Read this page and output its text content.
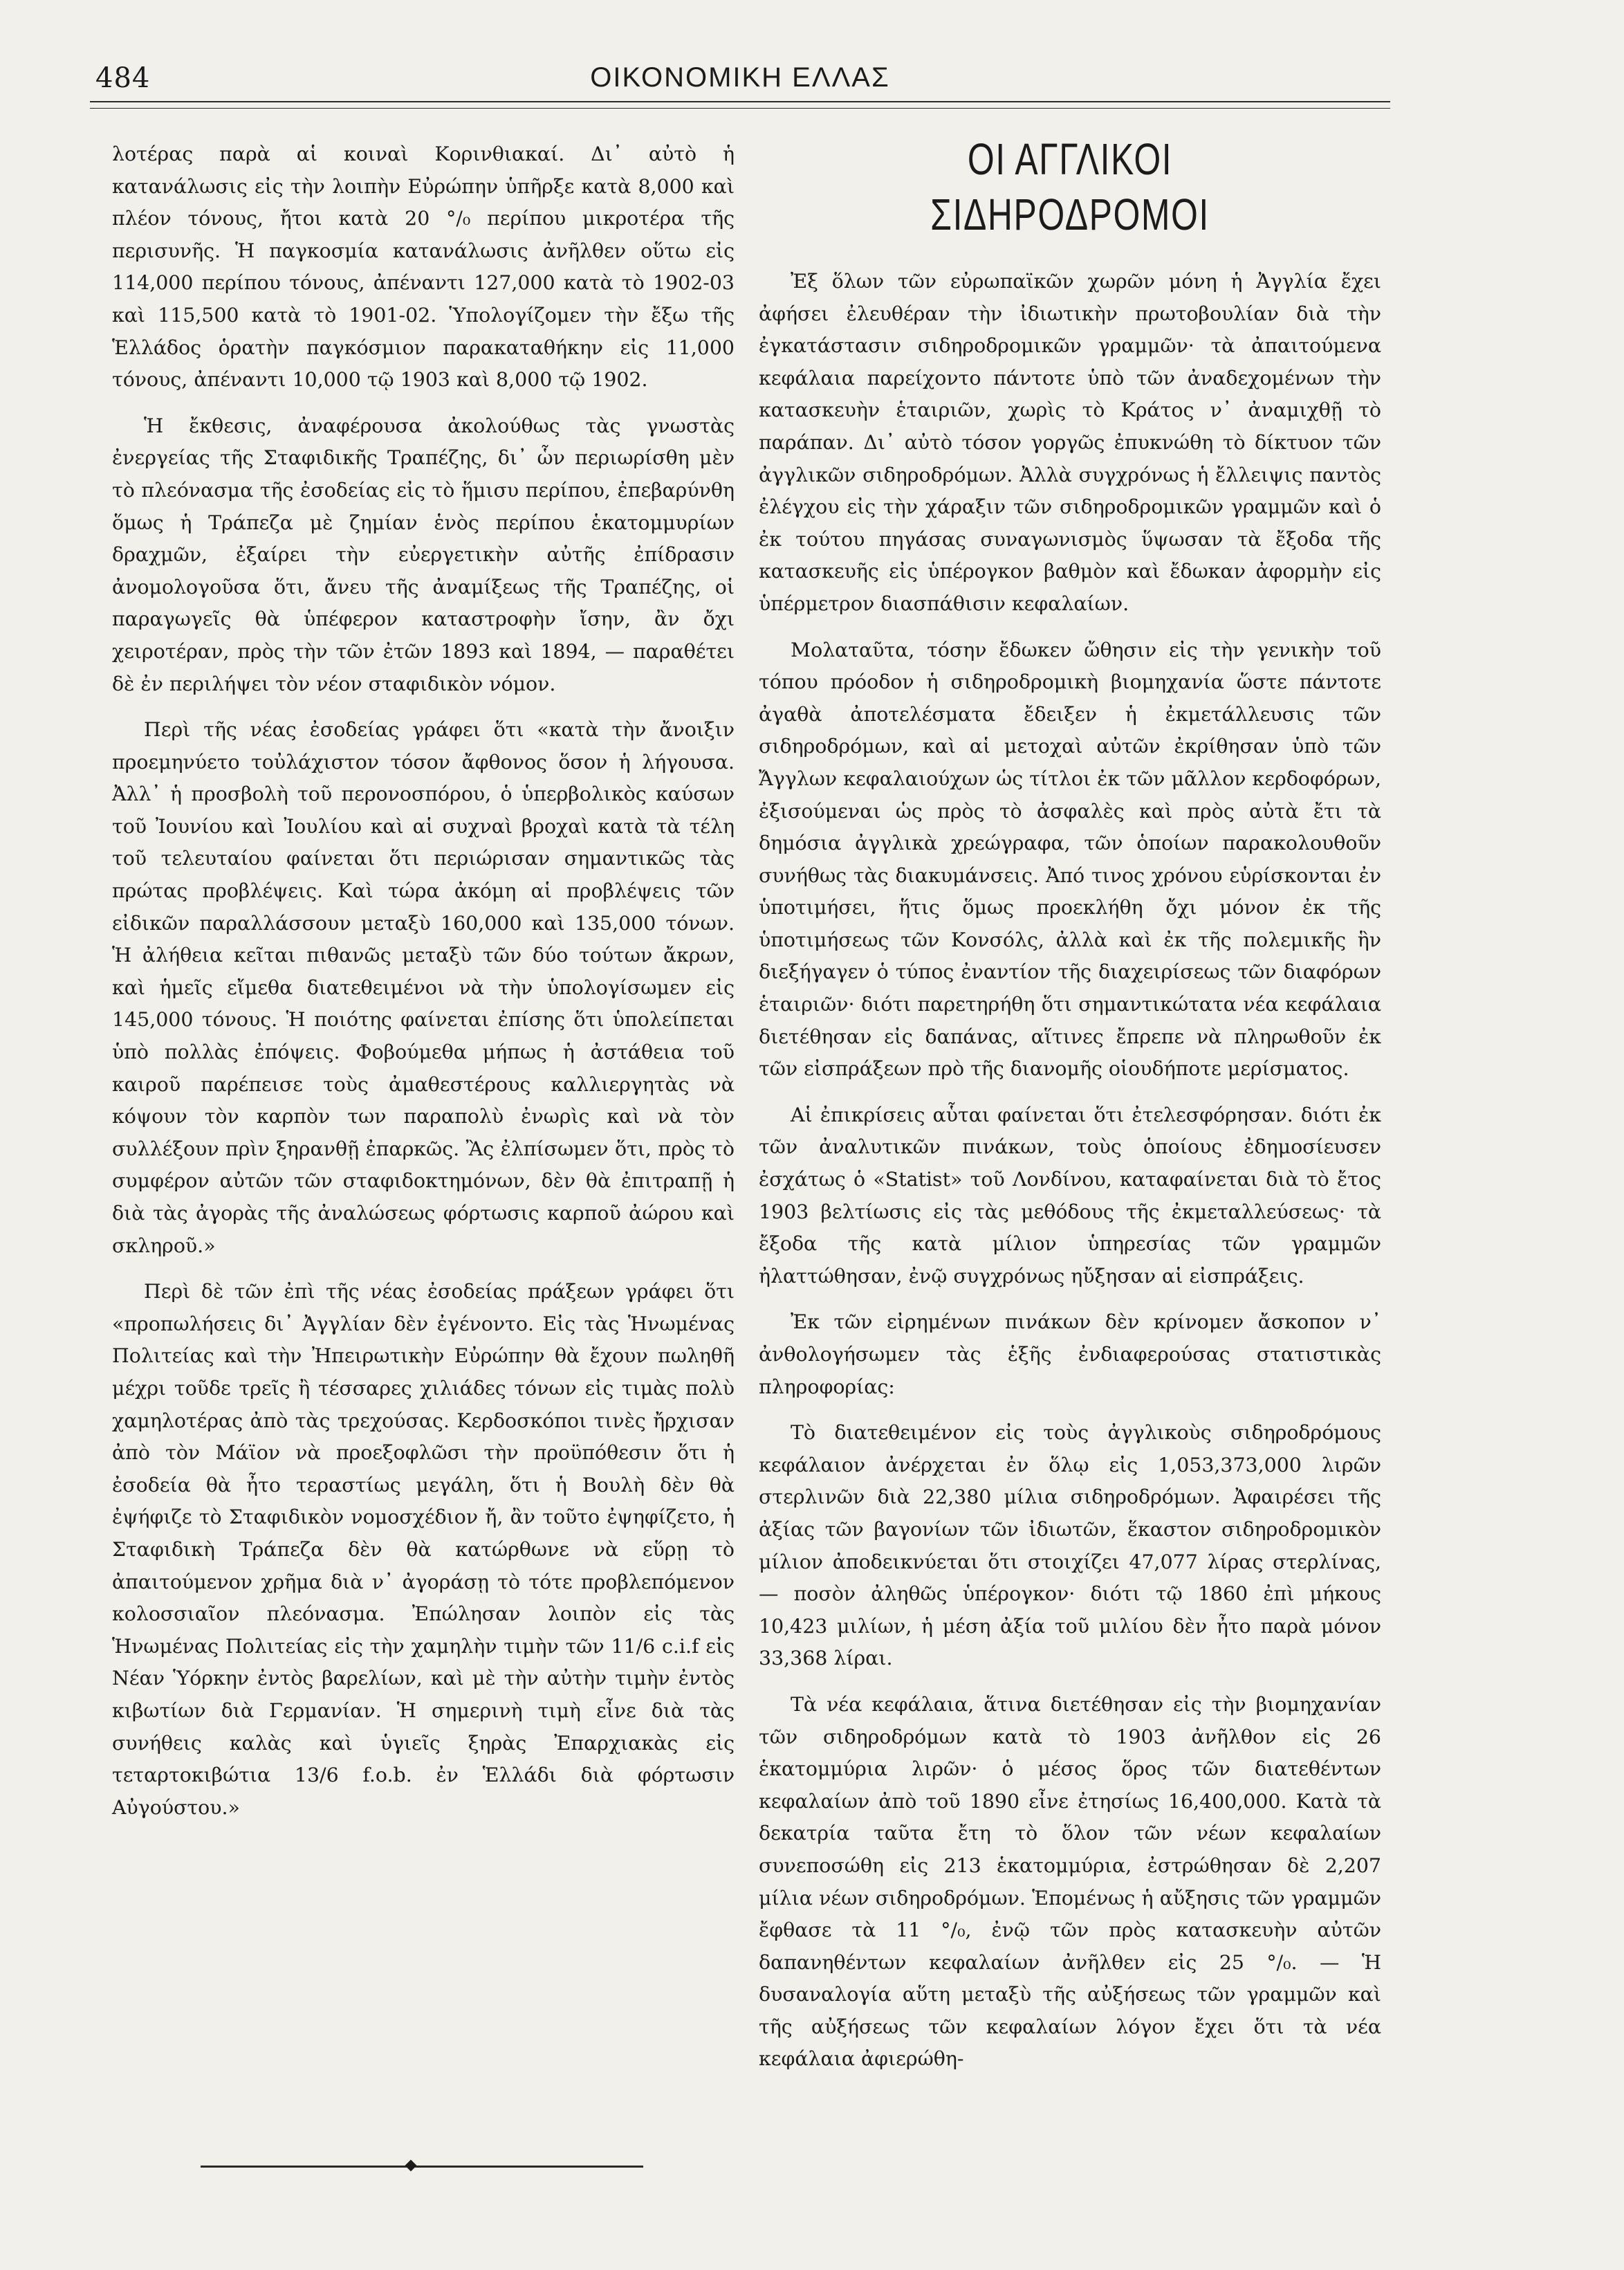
484	ΟΙΚΟΝΟΜΙΚΗ ΕΛΛΑΣ

λοτέρας παρὰ αἱ κοιναὶ Κορινθιακαί. Δι᾽ αὐτὸ ἡ κατανάλωσις εἰς τὴν λοιπὴν Εὐρώπην ὑπῆρξε κατὰ 8,000 καὶ πλέον τόνους, ἤτοι κατὰ 20 °/₀ περίπου μικροτέρα τῆς περισυνῆς. Ἡ παγκοσμία κατανάλωσις ἀνῆλθεν οὕτω εἰς 114,000 περίπου τόνους, ἀπέναντι 127,000 κατὰ τὸ 1902-03 καὶ 115,500 κατὰ τὸ 1901-02. Ὑπολογίζομεν τὴν ἔξω τῆς Ἑλλάδος ὁρατὴν παγκόσμιον παρακαταθήκην εἰς 11,000 τόνους, ἀπέναντι 10,000 τῷ 1903 καὶ 8,000 τῷ 1902.

Ἡ ἔκθεσις, ἀναφέρουσα ἀκολούθως τὰς γνωστὰς ἐνεργείας τῆς Σταφιδικῆς Τραπέζης, δι᾽ ὧν περιωρίσθη μὲν τὸ πλεόνασμα τῆς ἐσοδείας εἰς τὸ ἥμισυ περίπου, ἐπεβαρύνθη ὅμως ἡ Τράπεζα μὲ ζημίαν ἑνὸς περίπου ἑκατομμυρίων δραχμῶν, ἐξαίρει τὴν εὐεργετικὴν αὐτῆς ἐπίδρασιν ἀνομολογοῦσα ὅτι, ἄνευ τῆς ἀναμίξεως τῆς Τραπέζης, οἱ παραγωγεῖς θὰ ὑπέφερον καταστροφὴν ἴσην, ἂν ὄχι χειροτέραν, πρὸς τὴν τῶν ἐτῶν 1893 καὶ 1894, — παραθέτει δὲ ἐν περιλήψει τὸν νέον σταφιδικὸν νόμον.

Περὶ τῆς νέας ἐσοδείας γράφει ὅτι «κατὰ τὴν ἄνοιξιν προεμηνύετο τοὐλάχιστον τόσον ἄφθονος ὅσον ἡ λήγουσα. Ἀλλ᾽ ἡ προσβολὴ τοῦ περονοσπόρου, ὁ ὑπερβολικὸς καύσων τοῦ Ἰουνίου καὶ Ἰουλίου καὶ αἱ συχναὶ βροχαὶ κατὰ τὰ τέλη τοῦ τελευταίου φαίνεται ὅτι περιώρισαν σημαντικῶς τὰς πρώτας προβλέψεις. Καὶ τώρα ἀκόμη αἱ προβλέψεις τῶν εἰδικῶν παραλλάσσουν μεταξὺ 160,000 καὶ 135,000 τόνων. Ἡ ἀλήθεια κεῖται πιθανῶς μεταξὺ τῶν δύο τούτων ἄκρων, καὶ ἡμεῖς εἴμεθα διατεθειμένοι νὰ τὴν ὑπολογίσωμεν εἰς 145,000 τόνους. Ἡ ποιότης φαίνεται ἐπίσης ὅτι ὑπολείπεται ὑπὸ πολλὰς ἐπόψεις. Φοβούμεθα μήπως ἡ ἀστάθεια τοῦ καιροῦ παρέπεισε τοὺς ἀμαθεστέρους καλλιεργητὰς νὰ κόψουν τὸν καρπὸν των παραπολὺ ἐνωρὶς καὶ νὰ τὸν συλλέξουν πρὶν ξηρανθῇ ἐπαρκῶς. Ἂς ἐλπίσωμεν ὅτι, πρὸς τὸ συμφέρον αὐτῶν τῶν σταφιδοκτημόνων, δὲν θὰ ἐπιτραπῇ ἡ διὰ τὰς ἀγορὰς τῆς ἀναλώσεως φόρτωσις καρποῦ ἀώρου καὶ σκληροῦ.»

Περὶ δὲ τῶν ἐπὶ τῆς νέας ἐσοδείας πράξεων γράφει ὅτι «προπωλήσεις δι᾽ Ἀγγλίαν δὲν ἐγένοντο. Εἰς τὰς Ἡνωμένας Πολιτείας καὶ τὴν Ἠπειρωτικὴν Εὐρώπην θὰ ἔχουν πωληθῆ μέχρι τοῦδε τρεῖς ἢ τέσσαρες χιλιάδες τόνων εἰς τιμὰς πολὺ χαμηλοτέρας ἀπὸ τὰς τρεχούσας. Κερδοσκόποι τινὲς ἤρχισαν ἀπὸ τὸν Μάϊον νὰ προεξοφλῶσι τὴν προϋπόθεσιν ὅτι ἡ ἐσοδεία θὰ ἦτο τεραστίως μεγάλη, ὅτι ἡ Βουλὴ δὲν θὰ ἐψήφιζε τὸ Σταφιδικὸν νομοσχέδιον ἤ, ἂν τοῦτο ἐψηφίζετο, ἡ Σταφιδικὴ Τράπεζα δὲν θὰ κατώρθωνε νὰ εὕρῃ τὸ ἀπαιτούμενον χρῆμα διὰ ν᾽ ἀγοράσῃ τὸ τότε προβλεπόμενον κολοσσιαῖον πλεόνασμα. Ἐπώλησαν λοιπὸν εἰς τὰς Ἡνωμένας Πολιτείας εἰς τὴν χαμηλὴν τιμὴν τῶν 11/6 c.i.f εἰς Νέαν Ὑόρκην ἐντὸς βαρελίων, καὶ μὲ τὴν αὐτὴν τιμὴν ἐντὸς κιβωτίων διὰ Γερμανίαν. Ἡ σημερινὴ τιμὴ εἶνε διὰ τὰς συνήθεις καλὰς καὶ ὑγιεῖς ξηρὰς Ἐπαρχιακὰς εἰς τεταρτοκιβώτια 13/6 f.o.b. ἐν Ἑλλάδι διὰ φόρτωσιν Αὐγούστου.»

ΟΙ ΑΓΓΛΙΚΟΙ ΣΙΔΗΡΟΔΡΟΜΟΙ

Ἐξ ὅλων τῶν εὐρωπαϊκῶν χωρῶν μόνη ἡ Ἀγγλία ἔχει ἀφήσει ἐλευθέραν τὴν ἰδιωτικὴν πρωτοβουλίαν διὰ τὴν ἐγκατάστασιν σιδηροδρομικῶν γραμμῶν· τὰ ἀπαιτούμενα κεφάλαια παρείχοντο πάντοτε ὑπὸ τῶν ἀναδεχομένων τὴν κατασκευὴν ἑταιριῶν, χωρὶς τὸ Κράτος ν᾽ ἀναμιχθῇ τὸ παράπαν. Δι᾽ αὐτὸ τόσον γοργῶς ἐπυκνώθη τὸ δίκτυον τῶν ἀγγλικῶν σιδηροδρόμων. Ἀλλὰ συγχρόνως ἡ ἔλλειψις παντὸς ἐλέγχου εἰς τὴν χάραξιν τῶν σιδηροδρομικῶν γραμμῶν καὶ ὁ ἐκ τούτου πηγάσας συναγωνισμὸς ὕψωσαν τὰ ἔξοδα τῆς κατασκευῆς εἰς ὑπέρογκον βαθμὸν καὶ ἔδωκαν ἀφορμὴν εἰς ὑπέρμετρον διασπάθισιν κεφαλαίων.

Μολαταῦτα, τόσην ἔδωκεν ὤθησιν εἰς τὴν γενικὴν τοῦ τόπου πρόοδον ἡ σιδηροδρομικὴ βιομηχανία ὥστε πάντοτε ἀγαθὰ ἀποτελέσματα ἔδειξεν ἡ ἐκμετάλλευσις τῶν σιδηροδρόμων, καὶ αἱ μετοχαὶ αὐτῶν ἐκρίθησαν ὑπὸ τῶν Ἄγγλων κεφαλαιούχων ὡς τίτλοι ἐκ τῶν μᾶλλον κερδοφόρων, ἐξισούμεναι ὡς πρὸς τὸ ἀσφαλὲς καὶ πρὸς αὐτὰ ἔτι τὰ δημόσια ἀγγλικὰ χρεώγραφα, τῶν ὁποίων παρακολουθοῦν συνήθως τὰς διακυμάνσεις. Ἀπό τινος χρόνου εὑρίσκονται ἐν ὑποτιμήσει, ἥτις ὅμως προεκλήθη ὄχι μόνον ἐκ τῆς ὑποτιμήσεως τῶν Κονσόλς, ἀλλὰ καὶ ἐκ τῆς πολεμικῆς ἣν διεξήγαγεν ὁ τύπος ἐναντίον τῆς διαχειρίσεως τῶν διαφόρων ἑταιριῶν· διότι παρετηρήθη ὅτι σημαντικώτατα νέα κεφάλαια διετέθησαν εἰς δαπάνας, αἵτινες ἔπρεπε νὰ πληρωθοῦν ἐκ τῶν εἰσπράξεων πρὸ τῆς διανομῆς οἱουδήποτε μερίσματος.

Αἱ ἐπικρίσεις αὗται φαίνεται ὅτι ἐτελεσφόρησαν. διότι ἐκ τῶν ἀναλυτικῶν πινάκων, τοὺς ὁποίους ἐδημοσίευσεν ἐσχάτως ὁ «Statist» τοῦ Λονδίνου, καταφαίνεται διὰ τὸ ἔτος 1903 βελτίωσις εἰς τὰς μεθόδους τῆς ἐκμεταλλεύσεως· τὰ ἔξοδα τῆς κατὰ μίλιον ὑπηρεσίας τῶν γραμμῶν ἠλαττώθησαν, ἐνῷ συγχρόνως ηὔξησαν αἱ εἰσπράξεις.

Ἐκ τῶν εἰρημένων πινάκων δὲν κρίνομεν ἄσκοπον ν᾽ ἀνθολογήσωμεν τὰς ἑξῆς ἐνδιαφερούσας στατιστικὰς πληροφορίας:

Τὸ διατεθειμένον εἰς τοὺς ἀγγλικοὺς σιδηροδρόμους κεφάλαιον ἀνέρχεται ἐν ὅλῳ εἰς 1,053,373,000 λιρῶν στερλινῶν διὰ 22,380 μίλια σιδηροδρόμων. Ἀφαιρέσει τῆς ἀξίας τῶν βαγονίων τῶν ἰδιωτῶν, ἕκαστον σιδηροδρομικὸν μίλιον ἀποδεικνύεται ὅτι στοιχίζει 47,077 λίρας στερλίνας, — ποσὸν ἀληθῶς ὑπέρογκον· διότι τῷ 1860 ἐπὶ μήκους 10,423 μιλίων, ἡ μέση ἀξία τοῦ μιλίου δὲν ἦτο παρὰ μόνον 33,368 λίραι.

Τὰ νέα κεφάλαια, ἅτινα διετέθησαν εἰς τὴν βιομηχανίαν τῶν σιδηροδρόμων κατὰ τὸ 1903 ἀνῆλθον εἰς 26 ἑκατομμύρια λιρῶν· ὁ μέσος ὅρος τῶν διατεθέντων κεφαλαίων ἀπὸ τοῦ 1890 εἶνε ἐτησίως 16,400,000. Κατὰ τὰ δεκατρία ταῦτα ἔτη τὸ ὅλον τῶν νέων κεφαλαίων συνεποσώθη εἰς 213 ἑκατομμύρια, ἐστρώθησαν δὲ 2,207 μίλια νέων σιδηροδρόμων. Ἑπομένως ἡ αὔξησις τῶν γραμμῶν ἔφθασε τὰ 11 °/₀, ἐνῷ τῶν πρὸς κατασκευὴν αὐτῶν δαπανηθέντων κεφαλαίων ἀνῆλθεν εἰς 25 °/₀. — Ἡ δυσαναλογία αὕτη μεταξὺ τῆς αὐξήσεως τῶν γραμμῶν καὶ τῆς αὐξήσεως τῶν κεφαλαίων λόγον ἔχει ὅτι τὰ νέα κεφάλαια ἀφιερώθη-
